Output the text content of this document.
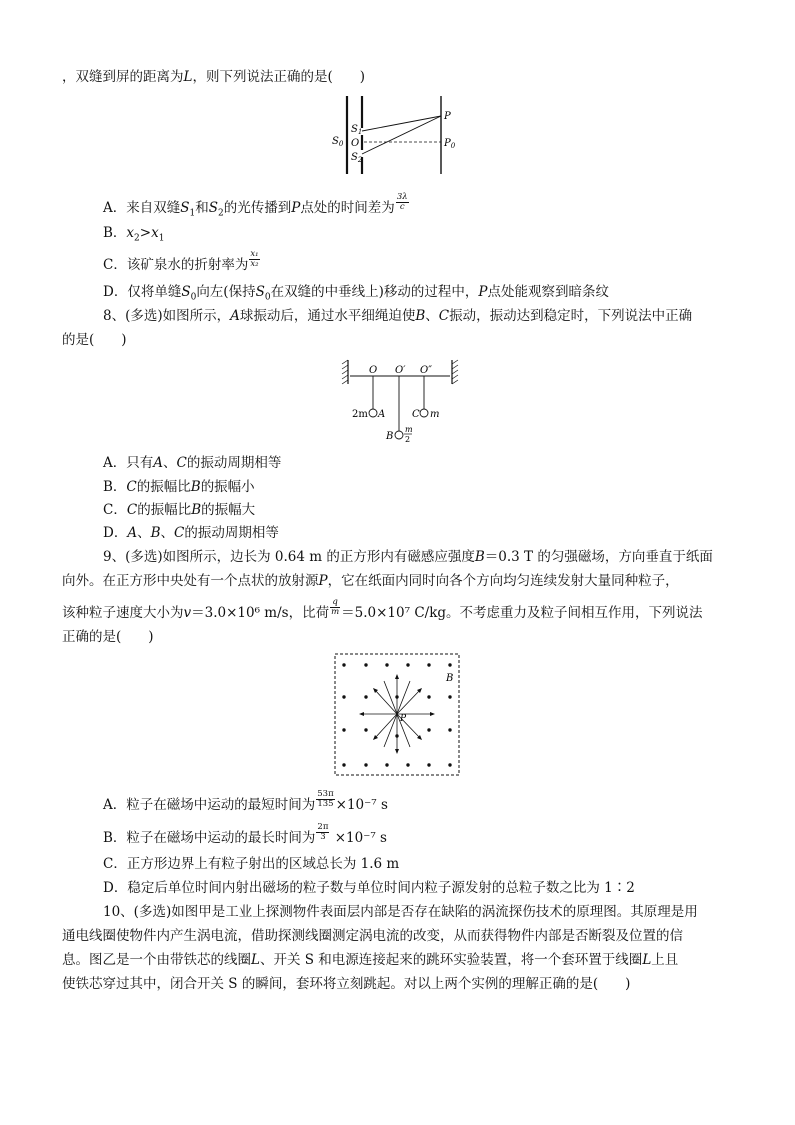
，双缝到屏的距离为L，则下列说法正确的是(　　)
$S_0$
$S_1$
O
$S_2$
P
$P_0$
A．来自双缝$S_1$和$S_2$的光传播到P点处的时间差为 $\frac{3\lambda}{c}$
B．$x_2>x_1$
C．该矿泉水的折射率为 $\frac{\text{x₁}}{\text{x₂}}$
D．仅将单缝$S_0$向左(保持$S_0$在双缝的中垂线上)移动的过程中，P点处能观察到暗条纹
8、(多选)如图所示，A球振动后，通过水平细绳迫使B、C振动，振动达到稳定时，下列说法中正确
的是(　　)
O O′ O″
2m A	C m
B
m
2
A．只有A、C的振动周期相等
B．C的振幅比B的振幅小
C．C的振幅比B的振幅大
D．A、B、C的振动周期相等
9、(多选)如图所示，边长为 0.64 m 的正方形内有磁感应强度B＝0.3 T 的匀强磁场，方向垂直于纸面
向外。在正方形中央处有一个点状的放射源P，它在纸面内同时向各个方向均匀连续发射大量同种粒子，
该种粒子速度大小为v＝3.0×10⁶ m/s，比荷 $\frac{q}{m} =5.0\times 10^7$ C/kg。不考虑重力及粒子间相互作用，下列说法
正确的是(　　)
B
P
A．粒子在磁场中运动的最短时间为 $\frac{53\pi}{135} \times 10^{-7}$ s
B．粒子在磁场中运动的最长时间为 $\frac{2\pi}{3} \times 10^{-7}$ s
C．正方形边界上有粒子射出的区域总长为 1.6 m
D．稳定后单位时间内射出磁场的粒子数与单位时间内粒子源发射的总粒子数之比为 1∶2
10、(多选)如图甲是工业上探测物件表面层内部是否存在缺陷的涡流探伤技术的原理图。其原理是用
通电线圈使物件内产生涡电流，借助探测线圈测定涡电流的改变，从而获得物件内部是否断裂及位置的信
息。图乙是一个由带铁芯的线圈L、开关 S 和电源连接起来的跳环实验装置，将一个套环置于线圈L上且
使铁芯穿过其中，闭合开关 S 的瞬间，套环将立刻跳起。对以上两个实例的理解正确的是(　　)
